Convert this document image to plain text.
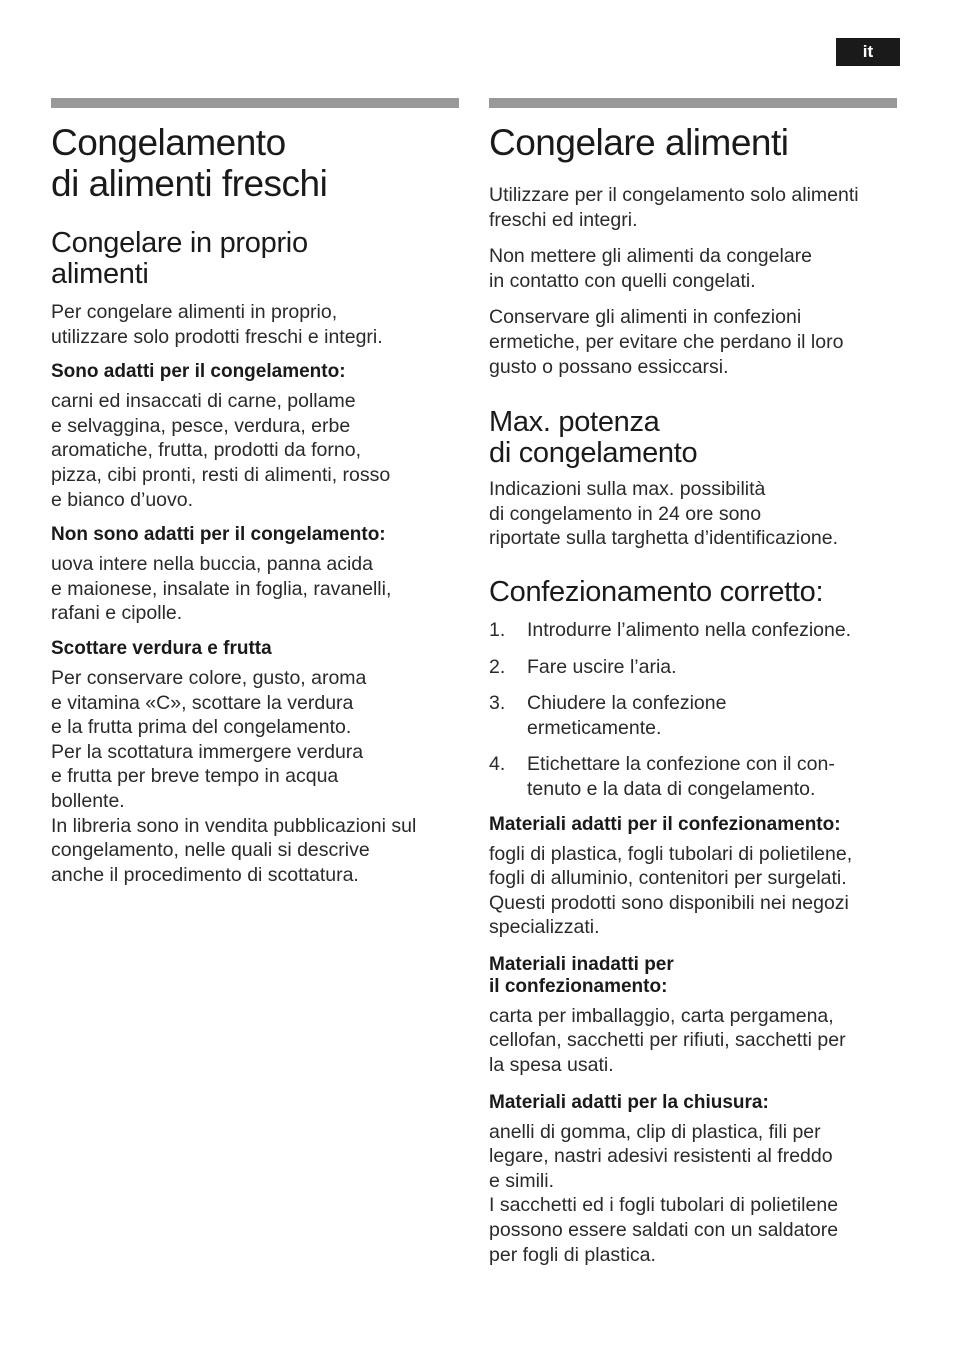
it
Congelamento
di alimenti freschi
Congelare in proprio
alimenti

Per congelare alimenti in proprio,
utilizzare solo prodotti freschi e integri.

Sono adatti per il congelamento:

carni ed insaccati di carne, pollame
e selvaggina, pesce, verdura, erbe
aromatiche, frutta, prodotti da forno,
pizza, cibi pronti, resti di alimenti, rosso
e bianco d’uovo.

Non sono adatti per il congelamento:

uova intere nella buccia, panna acida
e maionese, insalate in foglia, ravanelli,
rafani e cipolle.

Scottare verdura e frutta

Per conservare colore, gusto, aroma
e vitamina «C», scottare la verdura
e la frutta prima del congelamento.
Per la scottatura immergere verdura
e frutta per breve tempo in acqua
bollente.
In libreria sono in vendita pubblicazioni sul
congelamento, nelle quali si descrive
anche il procedimento di scottatura.

Congelare alimenti

Utilizzare per il congelamento solo alimenti
freschi ed integri.

Non mettere gli alimenti da congelare
in contatto con quelli congelati.

Conservare gli alimenti in confezioni
ermetiche, per evitare che perdano il loro
gusto o possano essiccarsi.

Max. potenza
di congelamento

Indicazioni sulla max. possibilità
di congelamento in 24 ore sono
riportate sulla targhetta d’identificazione.

Confezionamento corretto:
1. Introdurre l’alimento nella confezione.
2. Fare uscire l’aria.
3. Chiudere la confezione
ermeticamente.
4. Etichettare la confezione con il con-
tenuto e la data di congelamento.
Materiali adatti per il confezionamento:

fogli di plastica, fogli tubolari di polietilene,
fogli di alluminio, contenitori per surgelati.
Questi prodotti sono disponibili nei negozi
specializzati.

Materiali inadatti per
il confezionamento:

carta per imballaggio, carta pergamena,
cellofan, sacchetti per rifiuti, sacchetti per
la spesa usati.

Materiali adatti per la chiusura:

anelli di gomma, clip di plastica, fili per
legare, nastri adesivi resistenti al freddo
e simili.
I sacchetti ed i fogli tubolari di polietilene
possono essere saldati con un saldatore
per fogli di plastica.
